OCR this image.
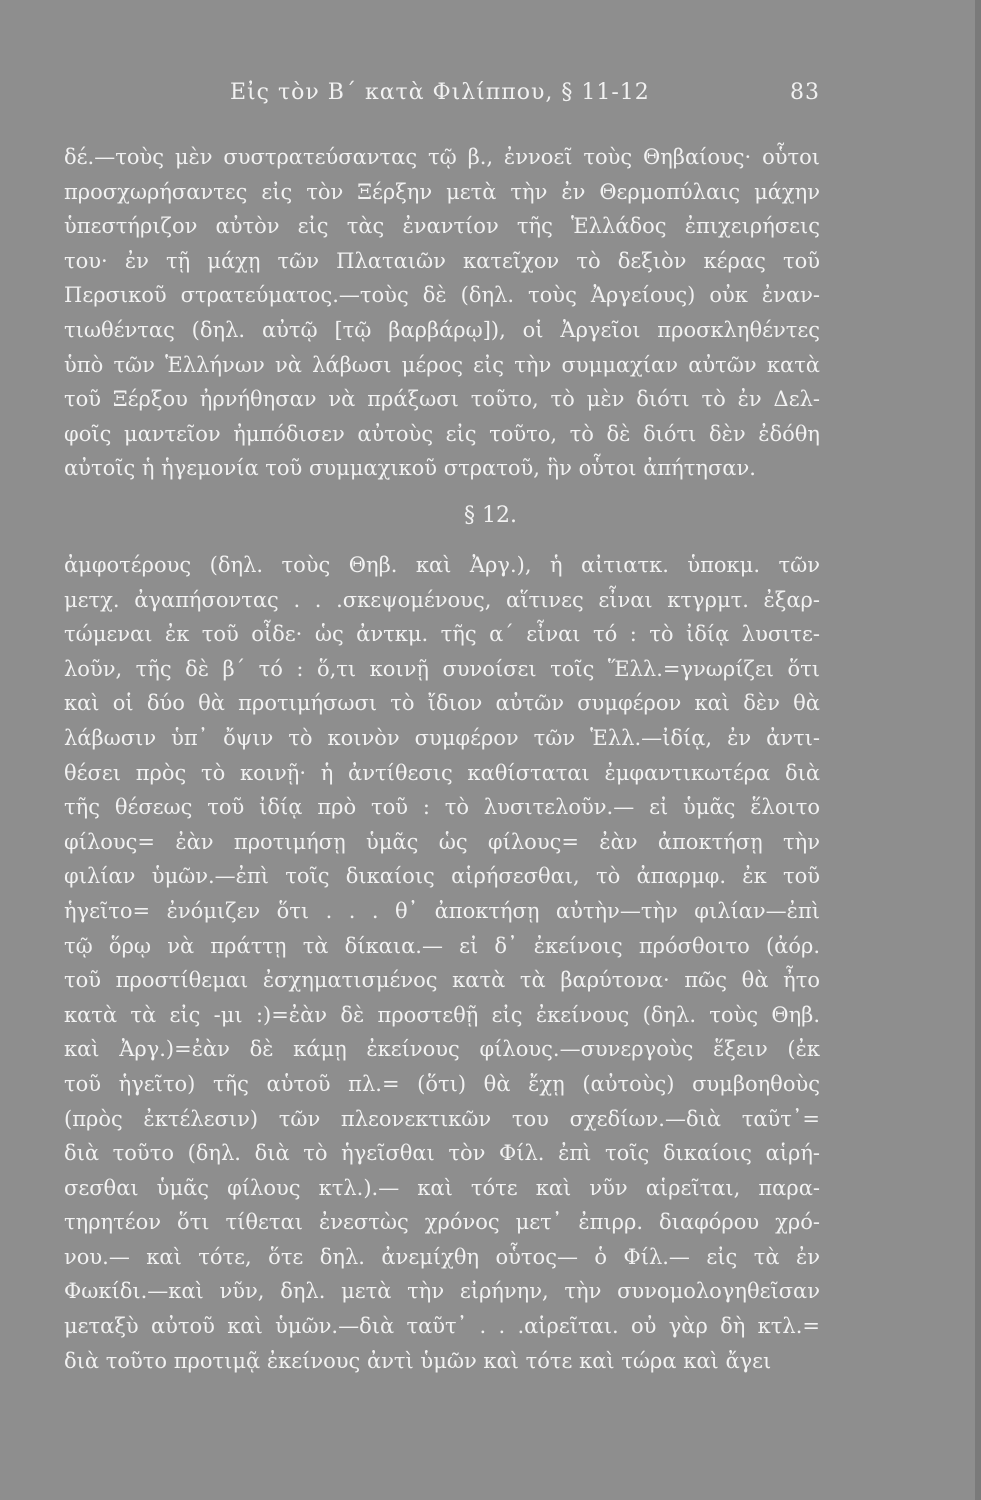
Εἰς τὸν Β΄ κατὰ Φιλίππου, § 11-12	83
δέ.—τοὺς μὲν συστρατεύσαντας τῷ β., ἐννοεῖ τοὺς Θηβαίους· οὗτοι
προσχωρήσαντες εἰς τὸν Ξέρξην μετὰ τὴν ἐν Θερμοπύλαις μάχην
ὑπεστήριζον αὐτὸν εἰς τὰς ἐναντίον τῆς Ἑλλάδος ἐπιχειρήσεις
του· ἐν τῇ μάχῃ τῶν Πλαταιῶν κατεῖχον τὸ δεξιὸν κέρας τοῦ
Περσικοῦ στρατεύματος.—τοὺς δὲ (δηλ. τοὺς Ἀργείους) οὐκ ἐναν-
τιωθέντας (δηλ. αὐτῷ [τῷ βαρβάρῳ]), οἱ Ἀργεῖοι προσκληθέντες
ὑπὸ τῶν Ἑλλήνων νὰ λάβωσι μέρος εἰς τὴν συμμαχίαν αὐτῶν κατὰ
τοῦ Ξέρξου ἠρνήθησαν νὰ πράξωσι τοῦτο, τὸ μὲν διότι τὸ ἐν Δελ-
φοῖς μαντεῖον ἠμπόδισεν αὐτοὺς εἰς τοῦτο, τὸ δὲ διότι δὲν ἐδόθη
αὐτοῖς ἡ ἡγεμονία τοῦ συμμαχικοῦ στρατοῦ, ἣν οὗτοι ἀπήτησαν.
§ 12.
ἀμφοτέρους (δηλ. τοὺς Θηβ. καὶ Ἀργ.), ἡ αἰτιατκ. ὑποκμ. τῶν
μετχ. ἀγαπήσοντας . . .σκεψομένους, αἵτινες εἶναι κτγρμτ. ἐξαρ-
τώμεναι ἐκ τοῦ οἶδε· ὡς ἀντκμ. τῆς α΄ εἶναι τό : τὸ ἰδίᾳ λυσιτε-
λοῦν, τῆς δὲ β΄ τό : ὅ,τι κοινῇ συνοίσει τοῖς Ἕλλ.=γνωρίζει ὅτι
καὶ οἱ δύο θὰ προτιμήσωσι τὸ ἴδιον αὐτῶν συμφέρον καὶ δὲν θὰ
λάβωσιν ὑπ᾽ ὄψιν τὸ κοινὸν συμφέρον τῶν Ἑλλ.—ἰδίᾳ, ἐν ἀντι-
θέσει πρὸς τὸ κοινῇ· ἡ ἀντίθεσις καθίσταται ἐμφαντικωτέρα διὰ
τῆς θέσεως τοῦ ἰδίᾳ πρὸ τοῦ : τὸ λυσιτελοῦν.— εἰ ὑμᾶς ἕλοιτο
φίλους= ἐὰν προτιμήσῃ ὑμᾶς ὡς φίλους= ἐὰν ἀποκτήσῃ τὴν
φιλίαν ὑμῶν.—ἐπὶ τοῖς δικαίοις αἱρήσεσθαι, τὸ ἀπαρμφ. ἐκ τοῦ
ἡγεῖτο= ἐνόμιζεν ὅτι . . . θ᾽ ἀποκτήσῃ αὐτὴν—τὴν φιλίαν—ἐπὶ
τῷ ὅρῳ νὰ πράττῃ τὰ δίκαια.— εἰ δ᾽ ἐκείνοις πρόσθοιτο (ἀόρ.
τοῦ προστίθεμαι ἐσχηματισμένος κατὰ τὰ βαρύτονα· πῶς θὰ ἦτο
κατὰ τὰ εἰς -μι :)=ἐὰν δὲ προστεθῇ εἰς ἐκείνους (δηλ. τοὺς Θηβ.
καὶ Ἀργ.)=ἐὰν δὲ κάμῃ ἐκείνους φίλους.—συνεργοὺς ἕξειν (ἐκ
τοῦ ἡγεῖτο) τῆς αὑτοῦ πλ.= (ὅτι) θὰ ἔχῃ (αὐτοὺς) συμβοηθοὺς
(πρὸς ἐκτέλεσιν) τῶν πλεονεκτικῶν του σχεδίων.—διὰ ταῦτ᾽=
διὰ τοῦτο (δηλ. διὰ τὸ ἡγεῖσθαι τὸν Φίλ. ἐπὶ τοῖς δικαίοις αἱρή-
σεσθαι ὑμᾶς φίλους κτλ.).— καὶ τότε καὶ νῦν αἱρεῖται, παρα-
τηρητέον ὅτι τίθεται ἐνεστὼς χρόνος μετ᾽ ἐπιρρ. διαφόρου χρό-
νου.— καὶ τότε, ὅτε δηλ. ἀνεμίχθη οὗτος— ὁ Φίλ.— εἰς τὰ ἐν
Φωκίδι.—καὶ νῦν, δηλ. μετὰ τὴν εἰρήνην, τὴν συνομολογηθεῖσαν
μεταξὺ αὐτοῦ καὶ ὑμῶν.—διὰ ταῦτ᾽ . . .αἱρεῖται. οὐ γὰρ δὴ κτλ.=
διὰ τοῦτο προτιμᾷ ἐκείνους ἀντὶ ὑμῶν καὶ τότε καὶ τώρα καὶ ἄγει
